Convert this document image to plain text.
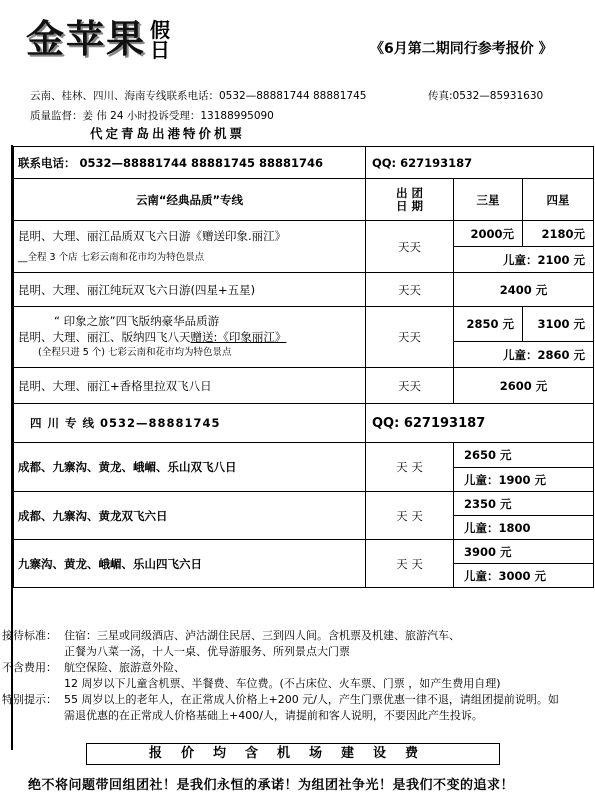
金苹果 假
日	《6月第二期同行参考报价 》
云南、桂林、四川、海南专线联系电话：0532—88881744 88881745	传真:0532—85931630
质量监督：姜 伟 24 小时投诉受理：13188995090
代定青岛出港特价机票
联系电话： 0532—88881744 88881745 88881746	QQ: 627193187		
云南“经典品质”专线	出 团
日 期	三星	四星

昆明、大理、丽江品质双飞六日游《赠送印象.丽江》
__全程 3 个店 七彩云南和花市均为特色景点	天天	2000元	2180元
		儿童：2100 元	
昆明、大理、丽江纯玩双飞六日游(四星+五星)	天天	2400 元	

“ 印象之旅”四飞版纳豪华品质游
昆明、大理、丽江、版纳四飞八天赠送:《印象丽江》
(全程只进 5 个) 七彩云南和花市均为特色景点	天天	2850 元	3100 元
		儿童：2860 元	
昆明、大理、丽江+香格里拉双飞八日	天天	2600 元	
四 川 专 线 0532—88881745	QQ: 627193187		
成都、九寨沟、黄龙、峨嵋、乐山双飞八日	天 天	2650 元	
		儿童：1900 元	
成都、九寨沟、黄龙双飞六日	天 天	2350 元	
		儿童：1800	
九寨沟、黄龙、峨嵋、乐山四飞六日	天 天	3900 元	
		儿童：3000 元	
接待标准： 住宿：三星或同级酒店、泸沽湖住民居、三到四人间。含机票及机建、旅游汽车、
正餐为八菜一汤，十人一桌、优导游服务、所列景点大门票
不含费用： 航空保险、旅游意外险、
12 周岁以下儿童含机票、半餐费、车位费。(不占床位、火车票、门票 ，如产生费用自理)
特别提示： 55 周岁以上的老年人，在正常成人价格上+200 元/人，产生门票优惠一律不退，请组团提前说明。如
需退优惠的在正常成人价格基础上+400/人，请提前和客人说明，不要因此产生投诉。
报价均含机场建设费
绝不将问题带回组团社！是我们永恒的承诺！为组团社争光！是我们不变的追求！
